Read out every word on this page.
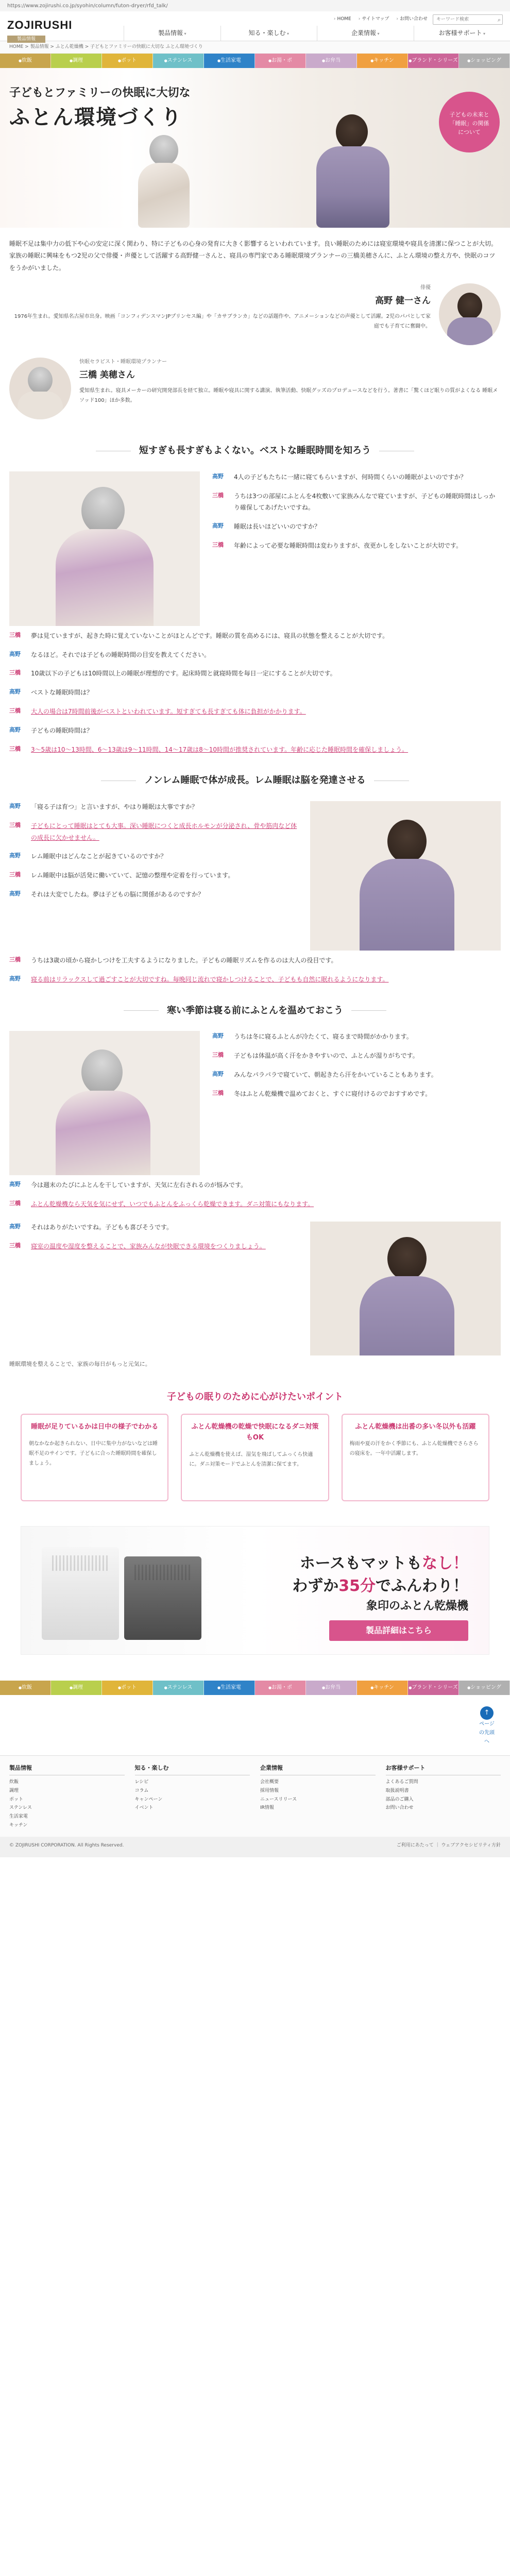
https://www.zojirushi.co.jp/syohin/column/futon-dryer/rfd_talk/
ZOJIRUSHI
製品情報
› HOME	› サイトマップ	› お問い合わせ
キーワード検索	⌕
製品情報 ▾	知る・楽しむ ▾	企業情報 ▾	お客様サポート ▾
HOME > 製品情報 > ふとん乾燥機 > 子どもとファミリーの快眠に大切な ふとん環境づくり
● 炊飯	● 調理	● ポット	● ステンレス	● 生活家電	● お湯・ポ	● お弁当	● キッチン	● ブランド・シリーズ	● ショッピング
子どもとファミリーの快眠に大切な
ふとん環境づくり	子どもの未来と
「睡眠」の関係
について

睡眠不足は集中力の低下や心の安定に深く関わり、特に子どもの心身の発育に大きく影響するといわれています。良い睡眠のためには寝室環境や寝具を清潔に保つことが大切。家族の睡眠に興味をもつ2児の父で俳優・声優として活躍する高野健一さんと、寝具の専門家である睡眠環境プランナーの三橋美穂さんに、ふとん環境の整え方や、快眠のコツをうかがいました。

俳優
高野 健一さん

1976年生まれ。愛知県名古屋市出身。映画「コンフィデンスマンJPプリンセス編」や「カサブランカ」などの話題作や、アニメーションなどの声優として活躍。2児のパパとして家庭でも子育てに奮闘中。

快眠セラピスト・睡眠環境プランナー
三橋 美穂さん

愛知県生まれ。寝具メーカーの研究開発部長を経て独立。睡眠や寝具に関する講演、執筆活動、快眠グッズのプロデュースなどを行う。著書に「驚くほど眠りの質がよくなる 睡眠メソッド100」ほか多数。

短すぎも長すぎもよくない。ベストな睡眠時間を知ろう
高野	4人の子どもたちに一緒に寝てもらいますが、何時間くらいの睡眠がよいのですか？
三橋	うちは3つの部屋にふとんを4枚敷いて家族みんなで寝ていますが、子どもの睡眠時間はしっかり確保してあげたいですね。
高野	睡眠は長いほどいいのですか？
三橋	年齢によって必要な睡眠時間は変わりますが、夜更かしをしないことが大切です。
三橋	夢は見ていますが、起きた時に覚えていないことがほとんどです。睡眠の質を高めるには、寝具の状態を整えることが大切です。
高野	なるほど。それでは子どもの睡眠時間の目安を教えてください。
三橋	10歳以下の子どもは10時間以上の睡眠が理想的です。起床時間と就寝時間を毎日一定にすることが大切です。
高野	ベストな睡眠時間は？
三橋	大人の場合は7時間前後がベストといわれています。短すぎても長すぎても体に負担がかかります。
高野	子どもの睡眠時間は？
三橋	3〜5歳は10〜13時間、6〜13歳は9〜11時間、14〜17歳は8〜10時間が推奨されています。年齢に応じた睡眠時間を確保しましょう。
ノンレム睡眠で体が成長。レム睡眠は脳を発達させる
高野	「寝る子は育つ」と言いますが、やはり睡眠は大事ですか？
三橋	子どもにとって睡眠はとても大事。深い睡眠につくと成長ホルモンが分泌され、骨や筋肉など体の成長に欠かせません。
高野	レム睡眠中はどんなことが起きているのですか？
三橋	レム睡眠中は脳が活発に働いていて、記憶の整理や定着を行っています。
高野	それは大変でしたね。夢は子どもの脳に関係があるのですか？
三橋	うちは3歳の頃から寝かしつけを工夫するようになりました。子どもの睡眠リズムを作るのは大人の役目です。
高野	寝る前はリラックスして過ごすことが大切ですね。毎晩同じ流れで寝かしつけることで、子どもも自然に眠れるようになります。
寒い季節は寝る前にふとんを温めておこう
高野	うちは冬に寝るふとんが冷たくて、寝るまで時間がかかります。
三橋	子どもは体温が高く汗をかきやすいので、ふとんが湿りがちです。
高野	みんなパラパラで寝ていて、朝起きたら汗をかいていることもあります。
三橋	冬はふとん乾燥機で温めておくと、すぐに寝付けるのでおすすめです。
高野	今は週末のたびにふとんを干していますが、天気に左右されるのが悩みです。
三橋	ふとん乾燥機なら天気を気にせず、いつでもふとんをふっくら乾燥できます。ダニ対策にもなります。
高野	それはありがたいですね。子どもも喜びそうです。
三橋	寝室の温度や湿度を整えることで、家族みんなが快眠できる環境をつくりましょう。

睡眠環境を整えることで、家族の毎日がもっと元気に。

子どもの眠りのために心がけたいポイント
睡眠が足りているかは日中の様子でわかる

朝なかなか起きられない、日中に集中力がないなどは睡眠不足のサインです。子どもに合った睡眠時間を確保しましょう。

ふとん乾燥機の乾燥で快眠になるダニ対策もOK

ふとん乾燥機を使えば、湿気を飛ばしてふっくら快適に。ダニ対策モードでふとんを清潔に保てます。

ふとん乾燥機は出番の多い冬以外も活躍

梅雨や夏の汗をかく季節にも、ふとん乾燥機でさらさらの寝床を。一年中活躍します。

ホースもマットもなし！
わずか35分でふんわり！
象印のふとん乾燥機
製品詳細はこちら
● 炊飯	● 調理	● ポット	● ステンレス	● 生活家電	● お湯・ポ	● お弁当	● キッチン	● ブランド・シリーズ	● ショッピング
↑
ページの先頭へ
製品情報
炊飯
調理
ポット
ステンレス
生活家電
キッチン
知る・楽しむ
レシピ
コラム
キャンペーン
イベント
企業情報
会社概要
採用情報
ニュースリリース
IR情報
お客様サポート
よくあるご質問
取扱説明書
部品のご購入
お問い合わせ
© ZOJIRUSHI CORPORATION. All Rights Reserved.	ご利用にあたって ｜ ウェブアクセシビリティ方針
